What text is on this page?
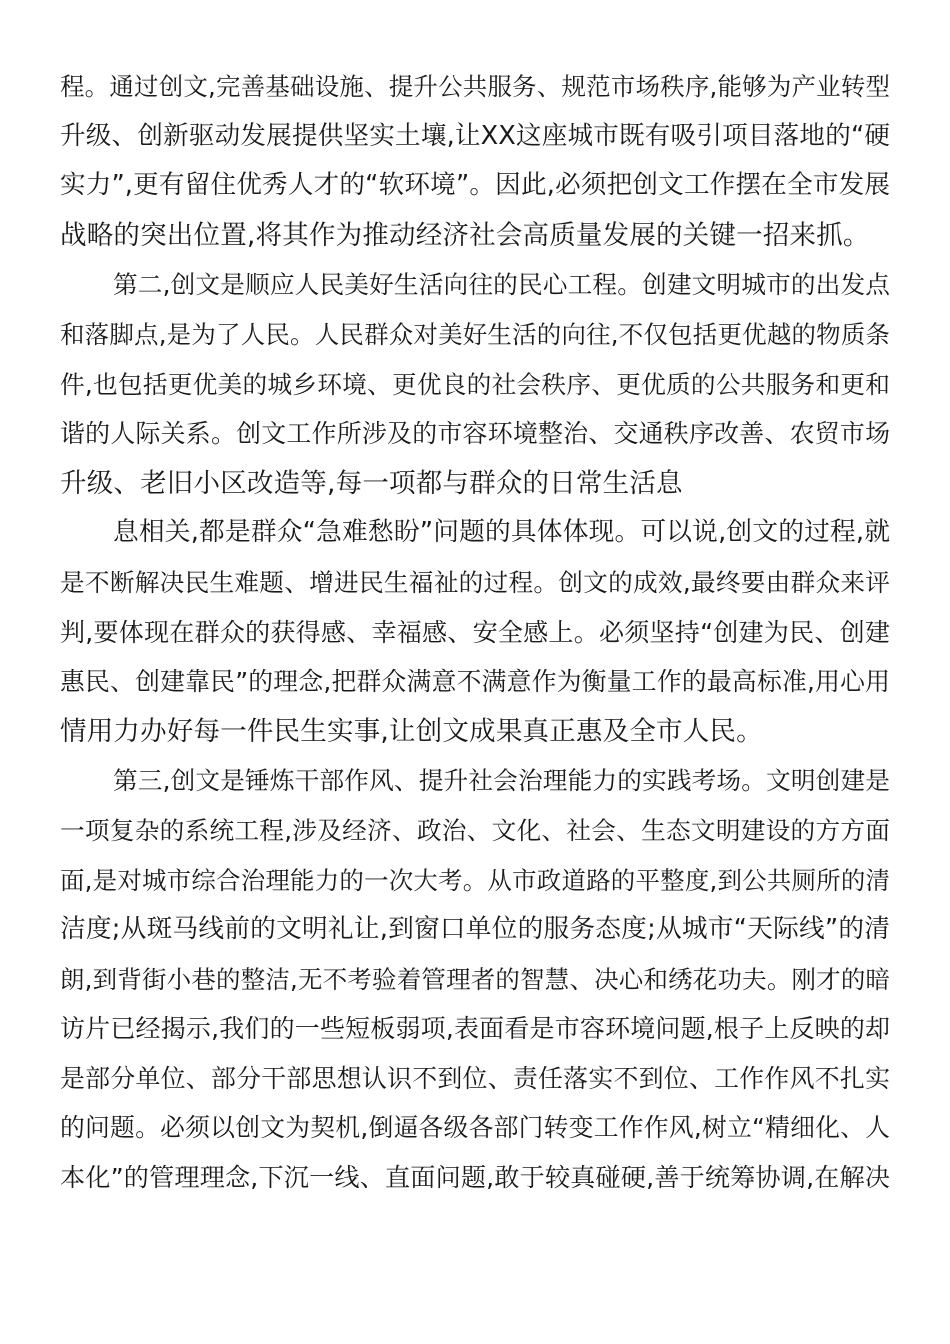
程。通过创文,完善基础设施、提升公共服务、规范市场秩序,能够为产业转型
升级、创新驱动发展提供坚实土壤,让XX这座城市既有吸引项目落地的“硬
实力”,更有留住优秀人才的“软环境”。因此,必须把创文工作摆在全市发展
战略的突出位置,将其作为推动经济社会高质量发展的关键一招来抓。
第二,创文是顺应人民美好生活向往的民心工程。创建文明城市的出发点
和落脚点,是为了人民。人民群众对美好生活的向往,不仅包括更优越的物质条
件,也包括更优美的城乡环境、更优良的社会秩序、更优质的公共服务和更和
谐的人际关系。创文工作所涉及的市容环境整治、交通秩序改善、农贸市场
升级、老旧小区改造等,每一项都与群众的日常生活息
息相关,都是群众“急难愁盼”问题的具体体现。可以说,创文的过程,就
是不断解决民生难题、增进民生福祉的过程。创文的成效,最终要由群众来评
判,要体现在群众的获得感、幸福感、安全感上。必须坚持“创建为民、创建
惠民、创建靠民”的理念,把群众满意不满意作为衡量工作的最高标准,用心用
情用力办好每一件民生实事,让创文成果真正惠及全市人民。
第三,创文是锤炼干部作风、提升社会治理能力的实践考场。文明创建是
一项复杂的系统工程,涉及经济、政治、文化、社会、生态文明建设的方方面
面,是对城市综合治理能力的一次大考。从市政道路的平整度,到公共厕所的清
洁度;从斑马线前的文明礼让,到窗口单位的服务态度;从城市“天际线”的清
朗,到背街小巷的整洁,无不考验着管理者的智慧、决心和绣花功夫。刚才的暗
访片已经揭示,我们的一些短板弱项,表面看是市容环境问题,根子上反映的却
是部分单位、部分干部思想认识不到位、责任落实不到位、工作作风不扎实
的问题。必须以创文为契机,倒逼各级各部门转变工作作风,树立“精细化、人
本化”的管理理念,下沉一线、直面问题,敢于较真碰硬,善于统筹协调,在解决
